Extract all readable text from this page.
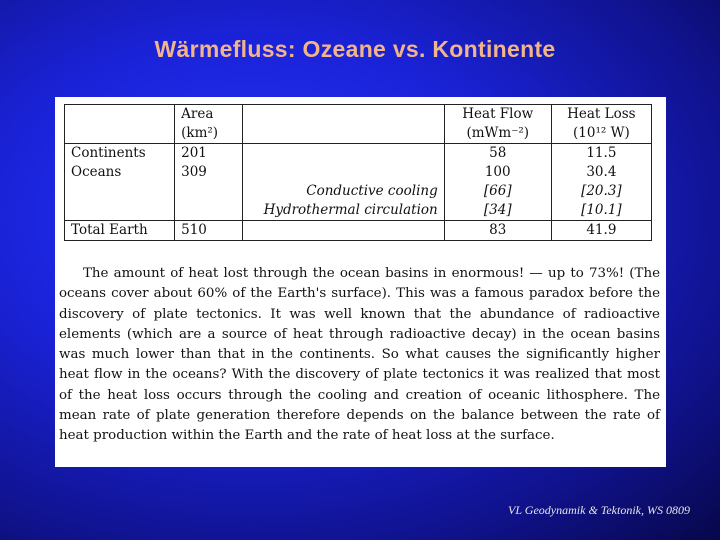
Wärmefluss: Ozeane vs. Kontinente
	Area		Heat Flow	Heat Loss
	(km²)		(mWm⁻²)	(10¹² W)
Continents	201		58	11.5
Oceans	309		100	30.4
		Conductive cooling	[66]	[20.3]
		Hydrothermal circulation	[34]	[10.1]
Total Earth	510		83	41.9
The amount of heat lost through the ocean basins in enormous! — up to 73%! (The oceans cover about 60% of the Earth's surface). This was a famous paradox before the discovery of plate tectonics. It was well known that the abundance of radioactive elements (which are a source of heat through radioactive decay) in the ocean basins was much lower than that in the continents. So what causes the significantly higher heat flow in the oceans? With the discovery of plate tectonics it was realized that most of the heat loss occurs through the cooling and creation of oceanic lithosphere. The mean rate of plate generation therefore depends on the balance between the rate of heat production within the Earth and the rate of heat loss at the surface.
VL Geodynamik & Tektonik, WS 0809
